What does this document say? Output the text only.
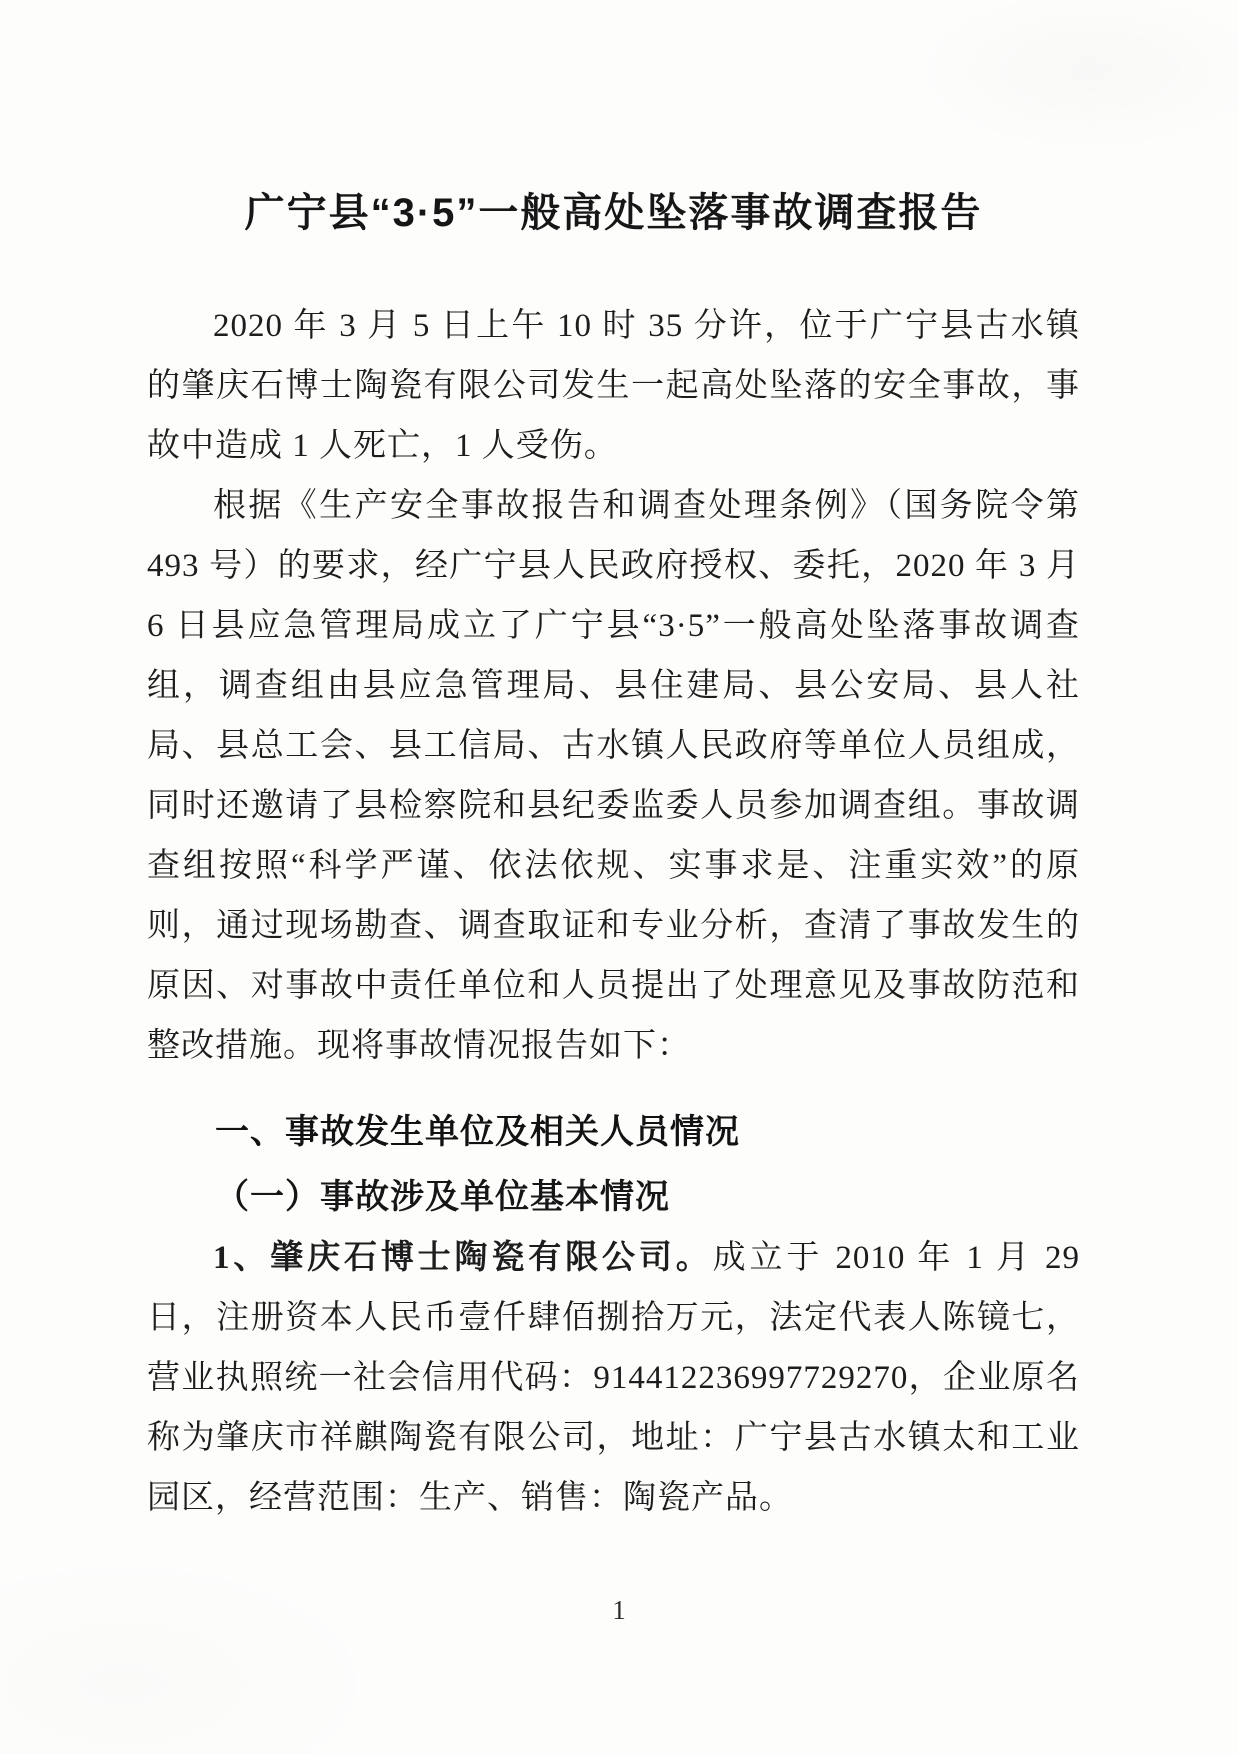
广宁县“3·5”一般高处坠落事故调查报告

2020 年 3 月 5 日上午 10 时 35 分许，位于广宁县古水镇的肇庆石博士陶瓷有限公司发生一起高处坠落的安全事故，事故中造成 1 人死亡，1 人受伤。

根据《生产安全事故报告和调查处理条例》（国务院令第 493 号）的要求，经广宁县人民政府授权、委托，2020 年 3 月 6 日县应急管理局成立了广宁县“3·5”一般高处坠落事故调查组，调查组由县应急管理局、县住建局、县公安局、县人社局、县总工会、县工信局、古水镇人民政府等单位人员组成，同时还邀请了县检察院和县纪委监委人员参加调查组。事故调查组按照“科学严谨、依法依规、实事求是、注重实效”的原则，通过现场勘查、调查取证和专业分析，查清了事故发生的原因、对事故中责任单位和人员提出了处理意见及事故防范和整改措施。现将事故情况报告如下：

一、事故发生单位及相关人员情况
（一）事故涉及单位基本情况

1、肇庆石博士陶瓷有限公司。成立于 2010 年 1 月 29 日，注册资本人民币壹仟肆佰捌拾万元，法定代表人陈镜七，营业执照统一社会信用代码：914412236997729270，企业原名称为肇庆市祥麒陶瓷有限公司，地址：广宁县古水镇太和工业园区，经营范围：生产、销售：陶瓷产品。

1
